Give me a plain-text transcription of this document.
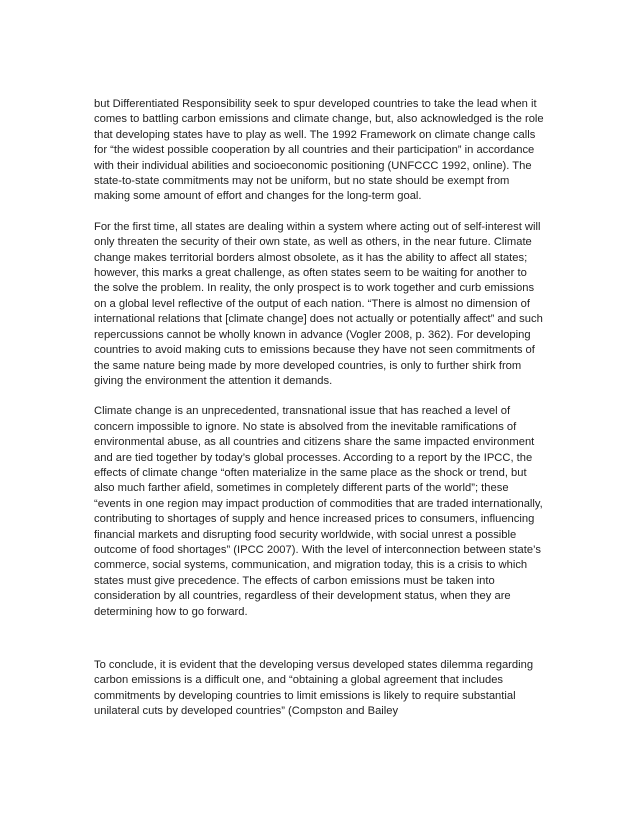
but Differentiated Responsibility seek to spur developed countries to take the lead when it comes to battling carbon emissions and climate change, but, also acknowledged is the role that developing states have to play as well. The 1992 Framework on climate change calls for “the widest possible cooperation by all countries and their participation” in accordance with their individual abilities and socioeconomic positioning (UNFCCC 1992, online). The state-to-state commitments may not be uniform, but no state should be exempt from making some amount of effort and changes for the long-term goal.

For the first time, all states are dealing within a system where acting out of self-interest will only threaten the security of their own state, as well as others, in the near future. Climate change makes territorial borders almost obsolete, as it has the ability to affect all states; however, this marks a great challenge, as often states seem to be waiting for another to the solve the problem. In reality, the only prospect is to work together and curb emissions on a global level reflective of the output of each nation. “There is almost no dimension of international relations that [climate change] does not actually or potentially affect” and such repercussions cannot be wholly known in advance (Vogler 2008, p. 362). For developing countries to avoid making cuts to emissions because they have not seen commitments of the same nature being made by more developed countries, is only to further shirk from giving the environment the attention it demands.

Climate change is an unprecedented, transnational issue that has reached a level of concern impossible to ignore. No state is absolved from the inevitable ramifications of environmental abuse, as all countries and citizens share the same impacted environment and are tied together by today’s global processes. According to a report by the IPCC, the effects of climate change “often materialize in the same place as the shock or trend, but also much farther afield, sometimes in completely different parts of the world”; these “events in one region may impact production of commodities that are traded internationally, contributing to shortages of supply and hence increased prices to consumers, influencing financial markets and disrupting food security worldwide, with social unrest a possible outcome of food shortages” (IPCC 2007). With the level of interconnection between state’s commerce, social systems, communication, and migration today, this is a crisis to which states must give precedence. The effects of carbon emissions must be taken into consideration by all countries, regardless of their development status, when they are determining how to go forward.

To conclude, it is evident that the developing versus developed states dilemma regarding carbon emissions is a difficult one, and “obtaining a global agreement that includes commitments by developing countries to limit emissions is likely to require substantial unilateral cuts by developed countries” (Compston and Bailey
